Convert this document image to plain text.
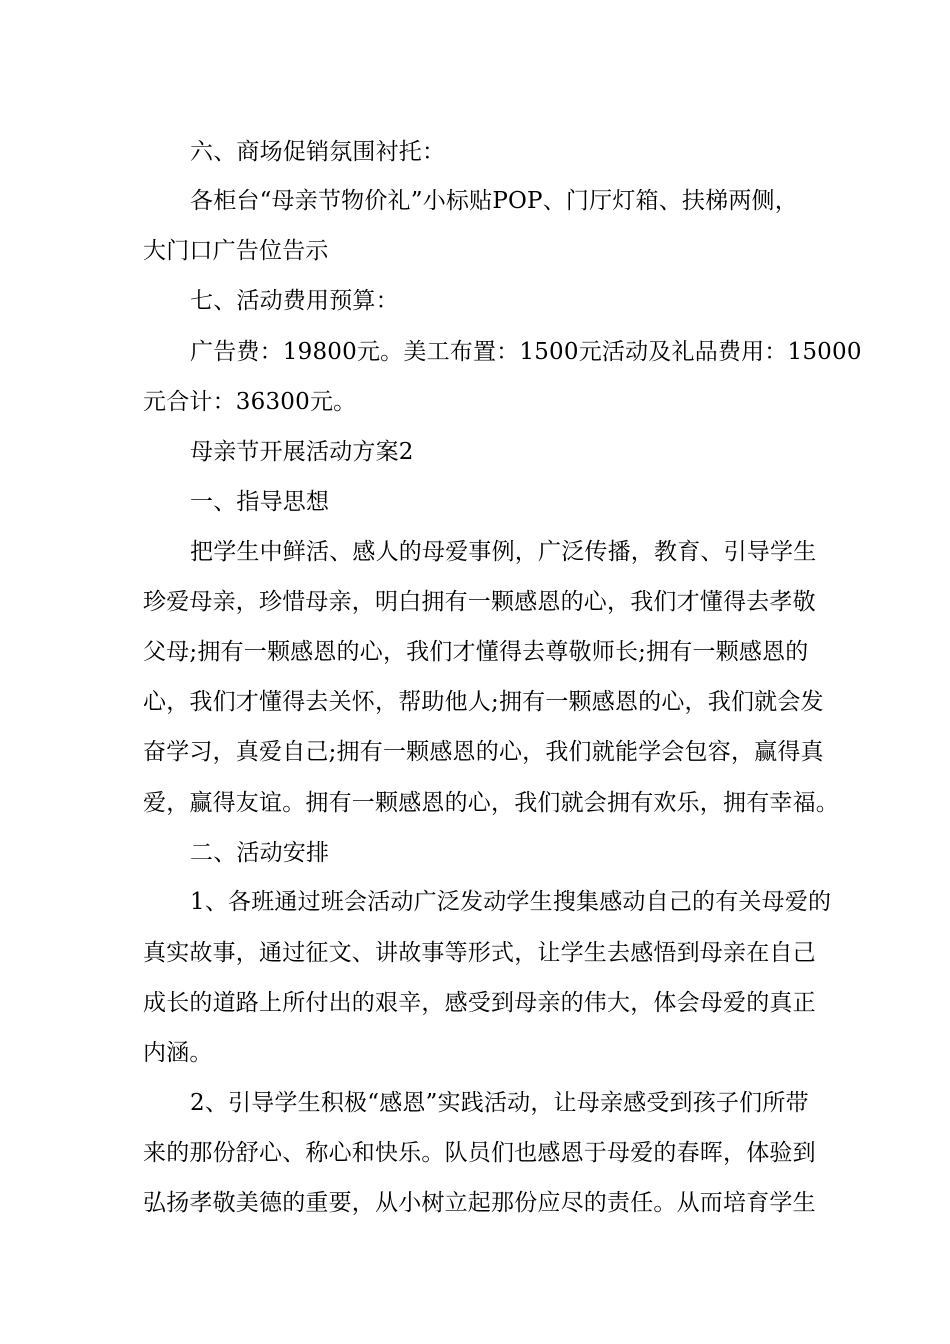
六、商场促销氛围衬托：
各柜台“母亲节物价礼”小标贴POP、门厅灯箱、扶梯两侧，
大门口广告位告示
七、活动费用预算：
广告费：19800元。美工布置：1500元活动及礼品费用：15000
元合计：36300元。
母亲节开展活动方案2
一、指导思想
把学生中鲜活、感人的母爱事例，广泛传播，教育、引导学生
珍爱母亲，珍惜母亲，明白拥有一颗感恩的心，我们才懂得去孝敬
父母;拥有一颗感恩的心，我们才懂得去尊敬师长;拥有一颗感恩的
心，我们才懂得去关怀，帮助他人;拥有一颗感恩的心，我们就会发
奋学习，真爱自己;拥有一颗感恩的心，我们就能学会包容，赢得真
爱，赢得友谊。拥有一颗感恩的心，我们就会拥有欢乐，拥有幸福。
二、活动安排
1、各班通过班会活动广泛发动学生搜集感动自己的有关母爱的
真实故事，通过征文、讲故事等形式，让学生去感悟到母亲在自己
成长的道路上所付出的艰辛，感受到母亲的伟大，体会母爱的真正
内涵。
2、引导学生积极“感恩”实践活动，让母亲感受到孩子们所带
来的那份舒心、称心和快乐。队员们也感恩于母爱的春晖，体验到
弘扬孝敬美德的重要，从小树立起那份应尽的责任。从而培育学生
